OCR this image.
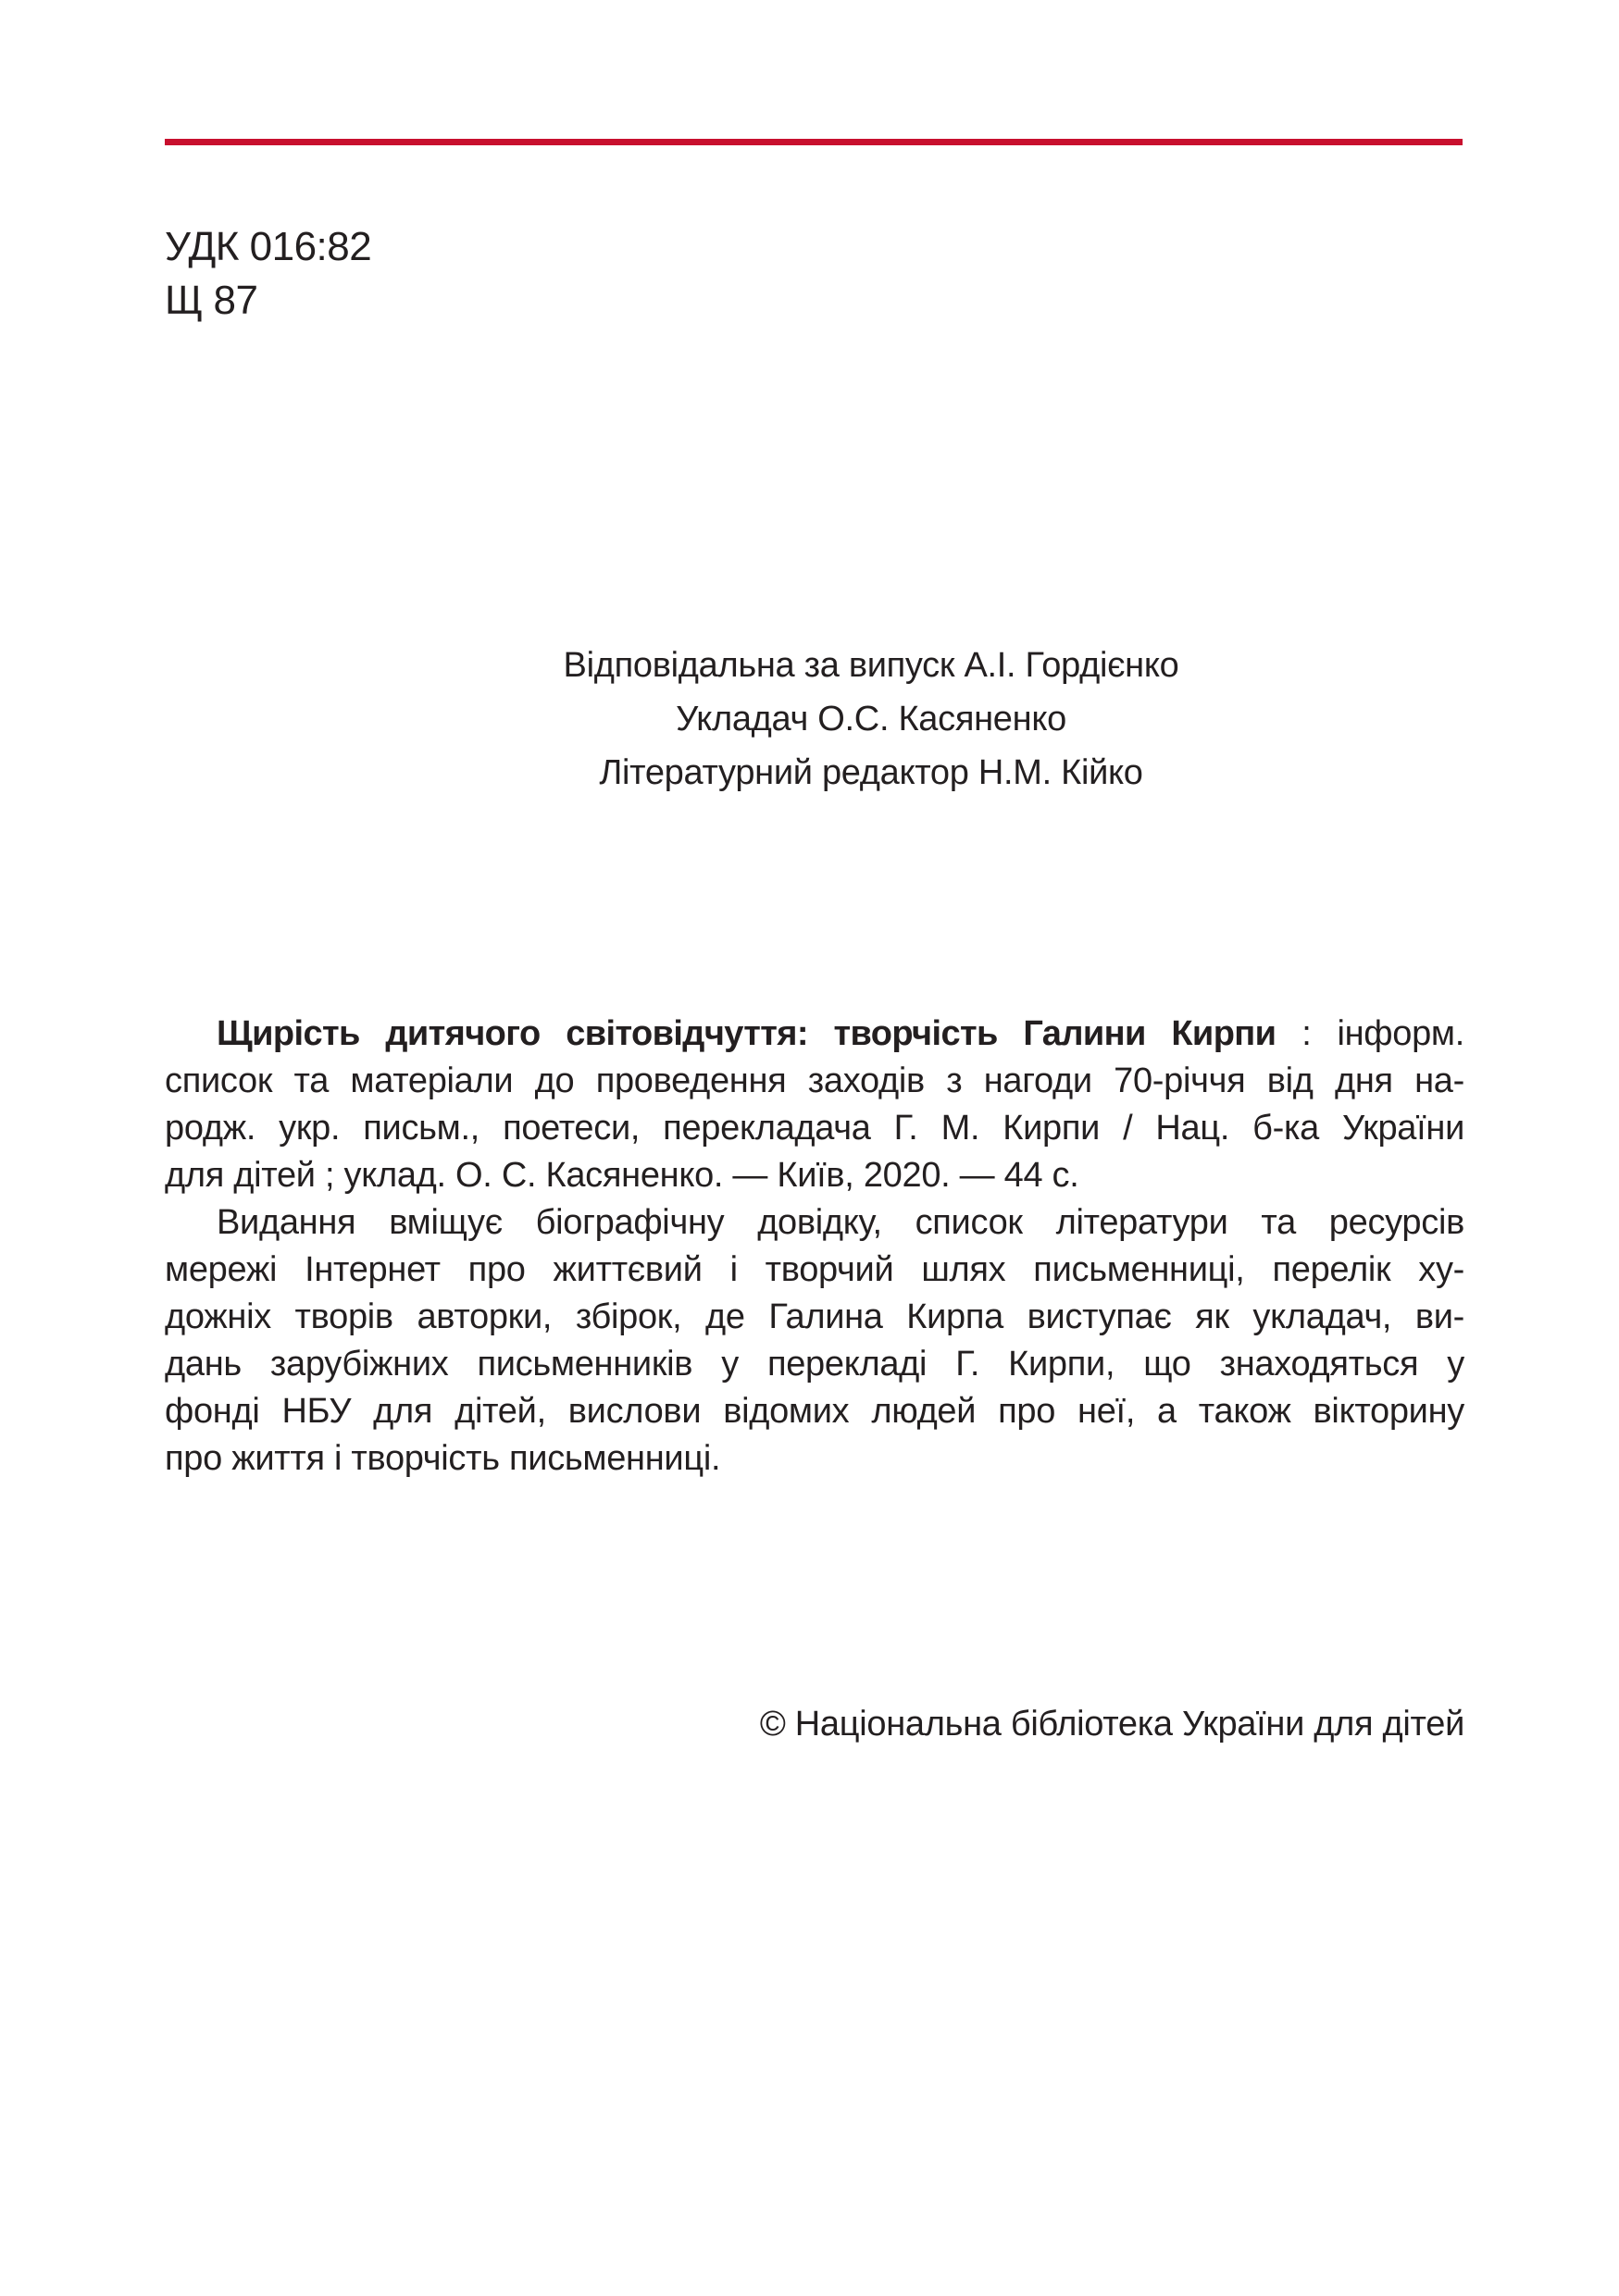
УДК 016:82
Щ 87
Відповідальна за випуск А.І. Гордієнко
Укладач О.С. Касяненко
Літературний редактор Н.М. Кійко
Щирість дитячого світовідчуття: творчість Галини Кирпи : інформ.
список та матеріали до проведення заходів з нагоди 70-річчя від дня на-
родж. укр. письм., поетеси, перекладача Г. М. Кирпи / Нац. б-ка України
для дітей ; уклад. О. С. Касяненко. — Київ, 2020. — 44 с.
Видання вміщує біографічну довідку, список літератури та ресурсів
мережі Інтернет про життєвий і творчий шлях письменниці, перелік ху-
дожніх творів авторки, збірок, де Галина Кирпа виступає як укладач, ви-
дань зарубіжних письменників у перекладі Г. Кирпи, що знаходяться у
фонді НБУ для дітей, вислови відомих людей про неї, а також вікторину
про життя і творчість письменниці.
© Національна бібліотека України для дітей
